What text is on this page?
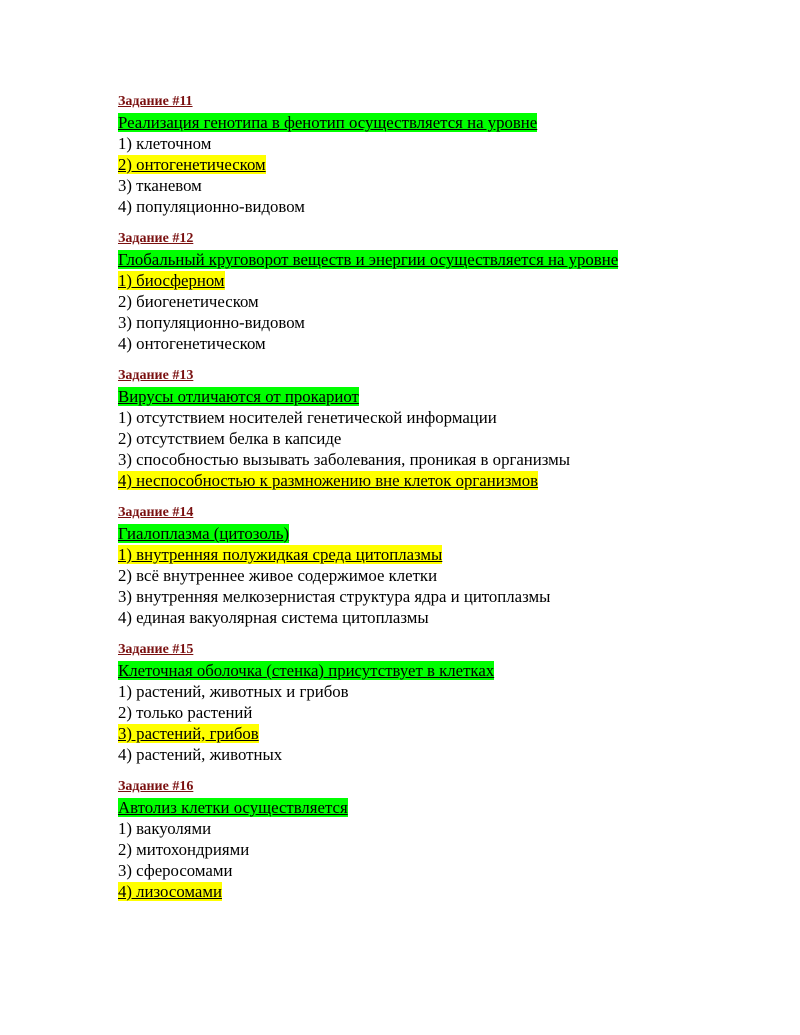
Задание #11
Реализация генотипа в фенотип осуществляется на уровне
1) клеточном
2) онтогенетическом
3) тканевом
4) популяционно-видовом
Задание #12
Глобальный круговорот веществ и энергии осуществляется на уровне
1) биосферном
2) биогенетическом
3) популяционно-видовом
4) онтогенетическом
Задание #13
Вирусы отличаются от прокариот
1) отсутствием носителей генетической информации
2) отсутствием белка в капсиде
3) способностью вызывать заболевания, проникая в организмы
4) неспособностью к размножению вне клеток организмов
Задание #14
Гиалоплазма (цитозоль)
1) внутренняя полужидкая среда цитоплазмы
2) всё внутреннее живое содержимое клетки
3) внутренняя мелкозернистая структура ядра и цитоплазмы
4) единая вакуолярная система цитоплазмы
Задание #15
Клеточная оболочка (стенка) присутствует в клетках
1) растений, животных и грибов
2) только растений
3) растений, грибов
4) растений, животных
Задание #16
Автолиз клетки осуществляется
1) вакуолями
2) митохондриями
3) сферосомами
4) лизосомами
